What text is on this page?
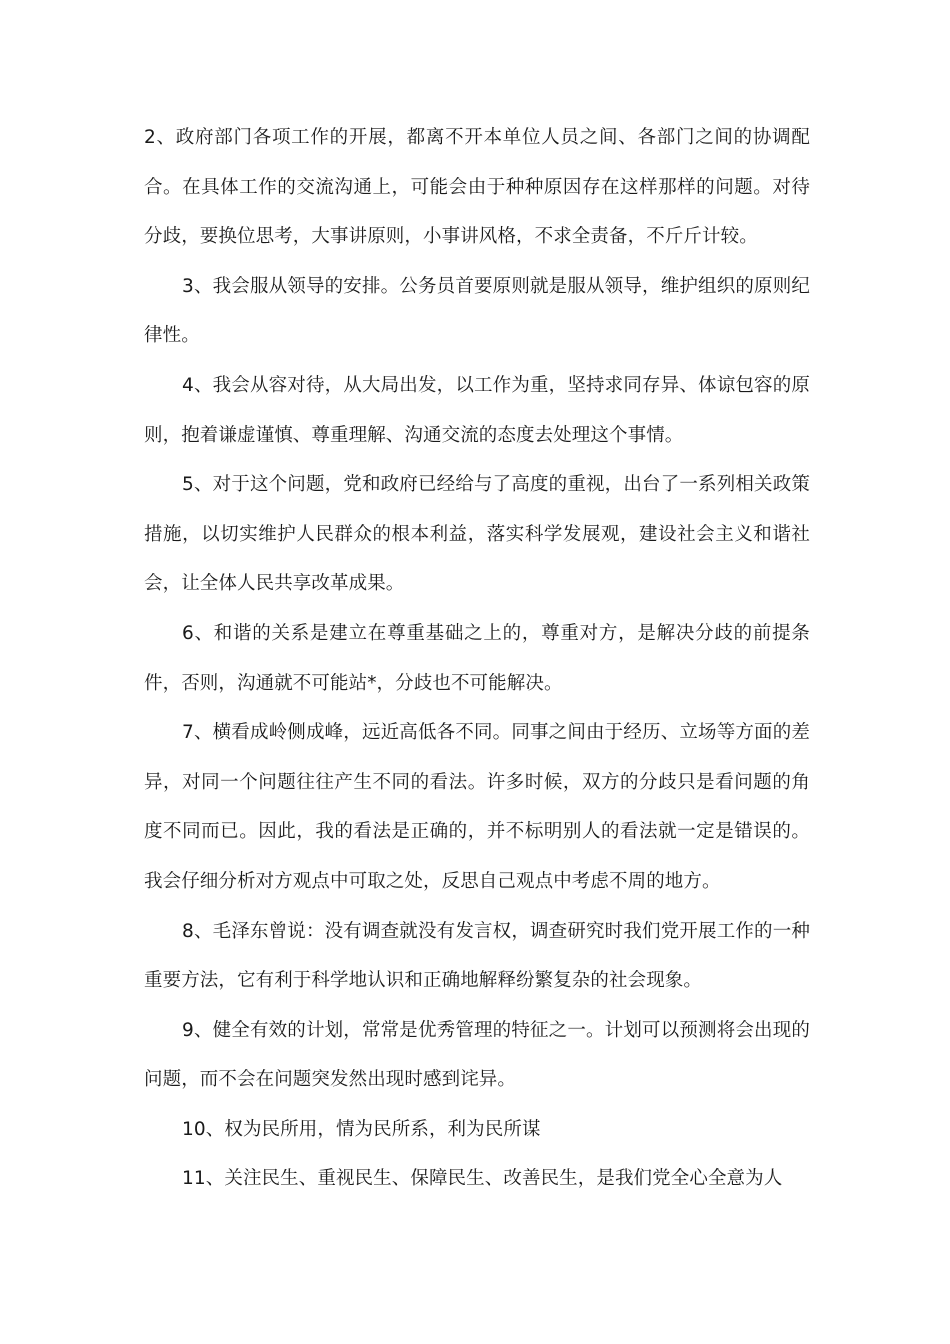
2、政府部门各项工作的开展，都离不开本单位人员之间、各部门之间的协调配合。在具体工作的交流沟通上，可能会由于种种原因存在这样那样的问题。对待分歧，要换位思考，大事讲原则，小事讲风格，不求全责备，不斤斤计较。

3、我会服从领导的安排。公务员首要原则就是服从领导，维护组织的原则纪律性。

4、我会从容对待，从大局出发，以工作为重，坚持求同存异、体谅包容的原则，抱着谦虚谨慎、尊重理解、沟通交流的态度去处理这个事情。

5、对于这个问题，党和政府已经给与了高度的重视，出台了一系列相关政策措施，以切实维护人民群众的根本利益，落实科学发展观，建设社会主义和谐社会，让全体人民共享改革成果。

6、和谐的关系是建立在尊重基础之上的，尊重对方，是解决分歧的前提条件，否则，沟通就不可能站*，分歧也不可能解决。

7、横看成岭侧成峰，远近高低各不同。同事之间由于经历、立场等方面的差异，对同一个问题往往产生不同的看法。许多时候，双方的分歧只是看问题的角度不同而已。因此，我的看法是正确的，并不标明别人的看法就一定是错误的。我会仔细分析对方观点中可取之处，反思自己观点中考虑不周的地方。

8、毛泽东曾说：没有调查就没有发言权，调查研究时我们党开展工作的一种重要方法，它有利于科学地认识和正确地解释纷繁复杂的社会现象。

9、健全有效的计划，常常是优秀管理的特征之一。计划可以预测将会出现的问题，而不会在问题突发然出现时感到诧异。

10、权为民所用，情为民所系，利为民所谋

11、关注民生、重视民生、保障民生、改善民生，是我们党全心全意为人
